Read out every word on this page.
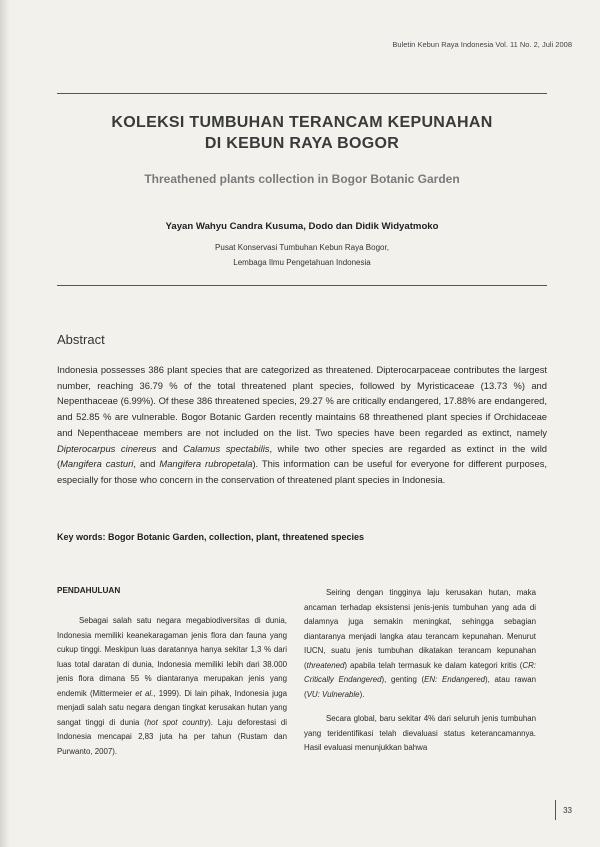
Buletin Kebun Raya Indonesia Vol. 11 No. 2, Juli 2008
KOLEKSI TUMBUHAN TERANCAM KEPUNAHAN
DI KEBUN RAYA BOGOR
Threathened plants collection in Bogor Botanic Garden
Yayan Wahyu Candra Kusuma, Dodo dan Didik Widyatmoko
Pusat Konservasi Tumbuhan Kebun Raya Bogor,
Lembaga Ilmu Pengetahuan Indonesia
Abstract
Indonesia possesses 386 plant species that are categorized as threatened. Dipterocarpaceae contributes the largest number, reaching 36.79 % of the total threatened plant species, followed by Myristicaceae (13.73 %) and Nepenthaceae (6.99%). Of these 386 threatened species, 29.27 % are critically endangered, 17.88% are endangered, and 52.85 % are vulnerable. Bogor Botanic Garden recently maintains 68 threathened plant species if Orchidaceae and Nepenthaceae members are not included on the list. Two species have been regarded as extinct, namely Dipterocarpus cinereus and Calamus spectabilis, while two other species are regarded as extinct in the wild (Mangifera casturi, and Mangifera rubropetala). This information can be useful for everyone for different purposes, especially for those who concern in the conservation of threatened plant species in Indonesia.
Key words: Bogor Botanic Garden, collection, plant, threatened species
PENDAHULUAN

Sebagai salah satu negara megabiodiversitas di dunia, Indonesia memiliki keanekaragaman jenis flora dan fauna yang cukup tinggi. Meskipun luas daratannya hanya sekitar 1,3 % dari luas total daratan di dunia, Indonesia memiliki lebih dari 38.000 jenis flora dimana 55 % diantaranya merupakan jenis yang endemik (Mittermeier et al., 1999). Di lain pihak, Indonesia juga menjadi salah satu negara dengan tingkat kerusakan hutan yang sangat tinggi di dunia (hot spot country). Laju deforestasi di Indonesia mencapai 2,83 juta ha per tahun (Rustam dan Purwanto, 2007).

Seiring dengan tingginya laju kerusakan hutan, maka ancaman terhadap eksistensi jenis-jenis tumbuhan yang ada di dalamnya juga semakin meningkat, sehingga sebagian diantaranya menjadi langka atau terancam kepunahan. Menurut IUCN, suatu jenis tumbuhan dikatakan terancam kepunahan (threatened) apabila telah termasuk ke dalam kategori kritis (CR: Critically Endangered), genting (EN: Endangered), atau rawan (VU: Vulnerable).

Secara global, baru sekitar 4% dari seluruh jenis tumbuhan yang teridentifikasi telah dievaluasi status keterancamannya. Hasil evaluasi menunjukkan bahwa

33
